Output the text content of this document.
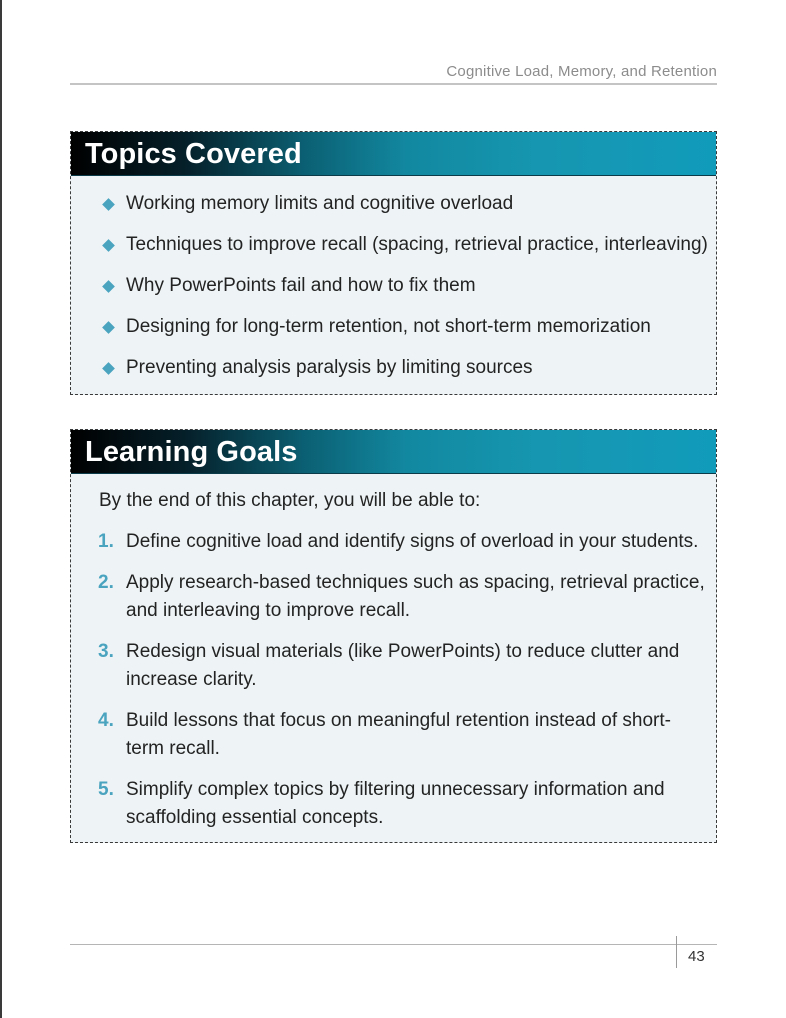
Cognitive Load, Memory, and Retention
Topics Covered
Working memory limits and cognitive overload
Techniques to improve recall (spacing, retrieval practice, interleaving)
Why PowerPoints fail and how to fix them
Designing for long-term retention, not short-term memorization
Preventing analysis paralysis by limiting sources
Learning Goals

By the end of this chapter, you will be able to:

1. Define cognitive load and identify signs of overload in your students.
2. Apply research-based techniques such as spacing, retrieval practice, and interleaving to improve recall.
3. Redesign visual materials (like PowerPoints) to reduce clutter and increase clarity.
4. Build lessons that focus on meaningful retention instead of short-term recall.
5. Simplify complex topics by filtering unnecessary information and scaffolding essential concepts.
43
